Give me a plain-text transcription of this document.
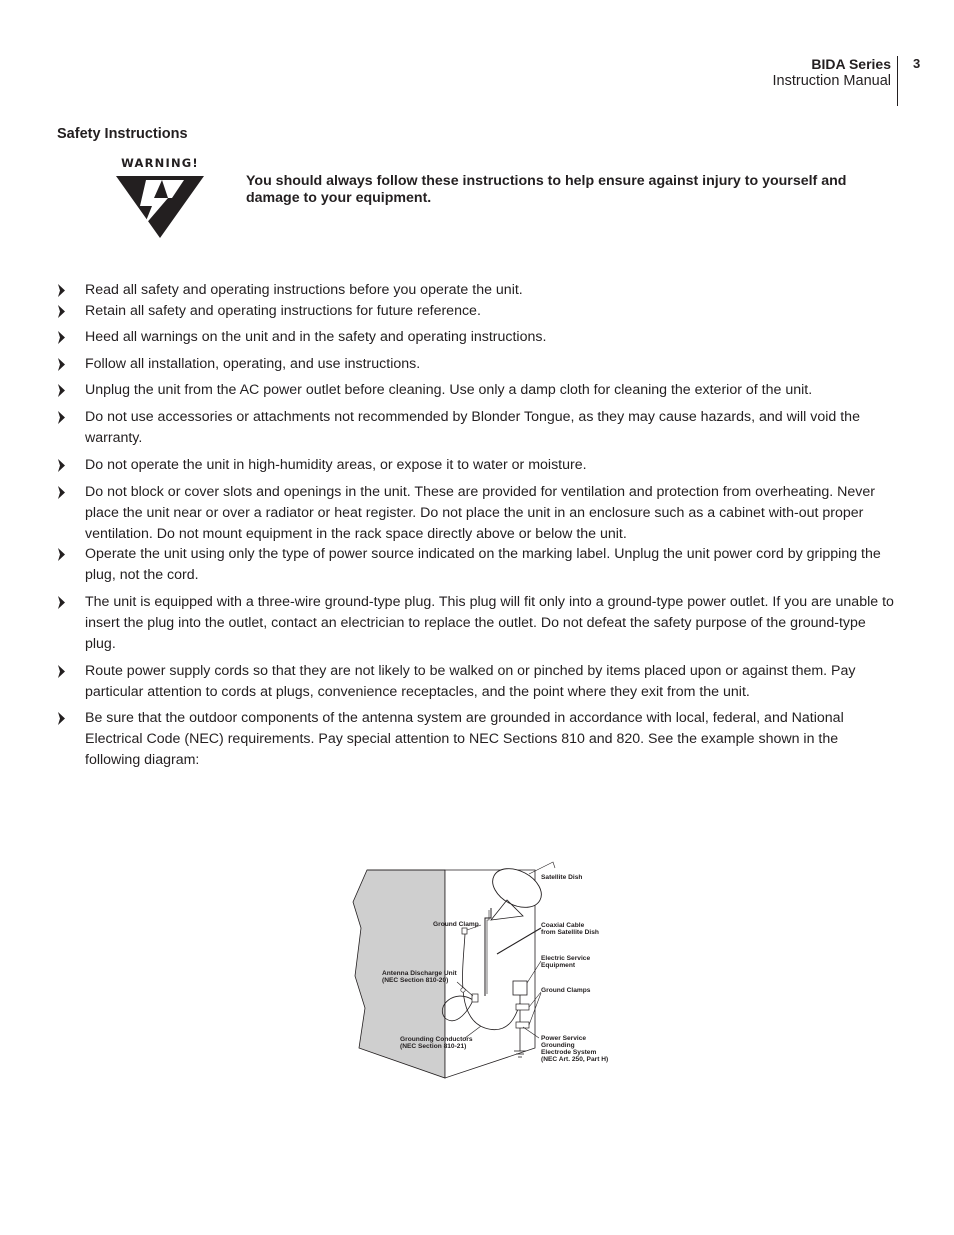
BIDA Series
Instruction Manual
3
Safety Instructions
WARNING!
You should always follow these instructions to help ensure against injury to yourself and damage to your equipment.
Read all safety and operating instructions before you operate the unit.
Retain all safety and operating instructions for future reference.
Heed all warnings on the unit and in the safety and operating instructions.
Follow all installation, operating, and use instructions.
Unplug the unit from the AC power outlet before cleaning. Use only a damp cloth for cleaning the exterior of the unit.
Do not use accessories or attachments not recommended by Blonder Tongue, as they may cause hazards, and will void the warranty.
Do not operate the unit in high-humidity areas, or expose it to water or moisture.
Do not block or cover slots and openings in the unit. These are provided for ventilation and protection from overheating. Never place the unit near or over a radiator or heat register. Do not place the unit in an enclosure such as a cabinet with-out proper ventilation. Do not mount equipment in the rack space directly above or below the unit.
Operate the unit using only the type of power source indicated on the marking label. Unplug the unit power cord by gripping the plug, not the cord.
The unit is equipped with a three-wire ground-type plug. This plug will fit only into a ground-type power outlet. If you are unable to insert the plug into the outlet, contact an electrician to replace the outlet. Do not defeat the safety purpose of the ground-type plug.
Route power supply cords so that they are not likely to be walked on or pinched by items placed upon or against them. Pay particular attention to cords at plugs, convenience receptacles, and the point where they exit from the unit.
Be sure that the outdoor components of the antenna system are grounded in accordance with local, federal, and National Electrical Code (NEC) requirements. Pay special attention to NEC Sections 810 and 820. See the example shown in the following diagram:
Satellite Dish
Ground Clamp	Coaxial Cable
from Satellite Dish
Electric Service
Equipment
Ground Clamps
Antenna Discharge Unit
(NEC Section 810-20)
Grounding Conductors
(NEC Section 810-21)
Power Service
Grounding
Electrode System
(NEC Art. 250, Part H)
